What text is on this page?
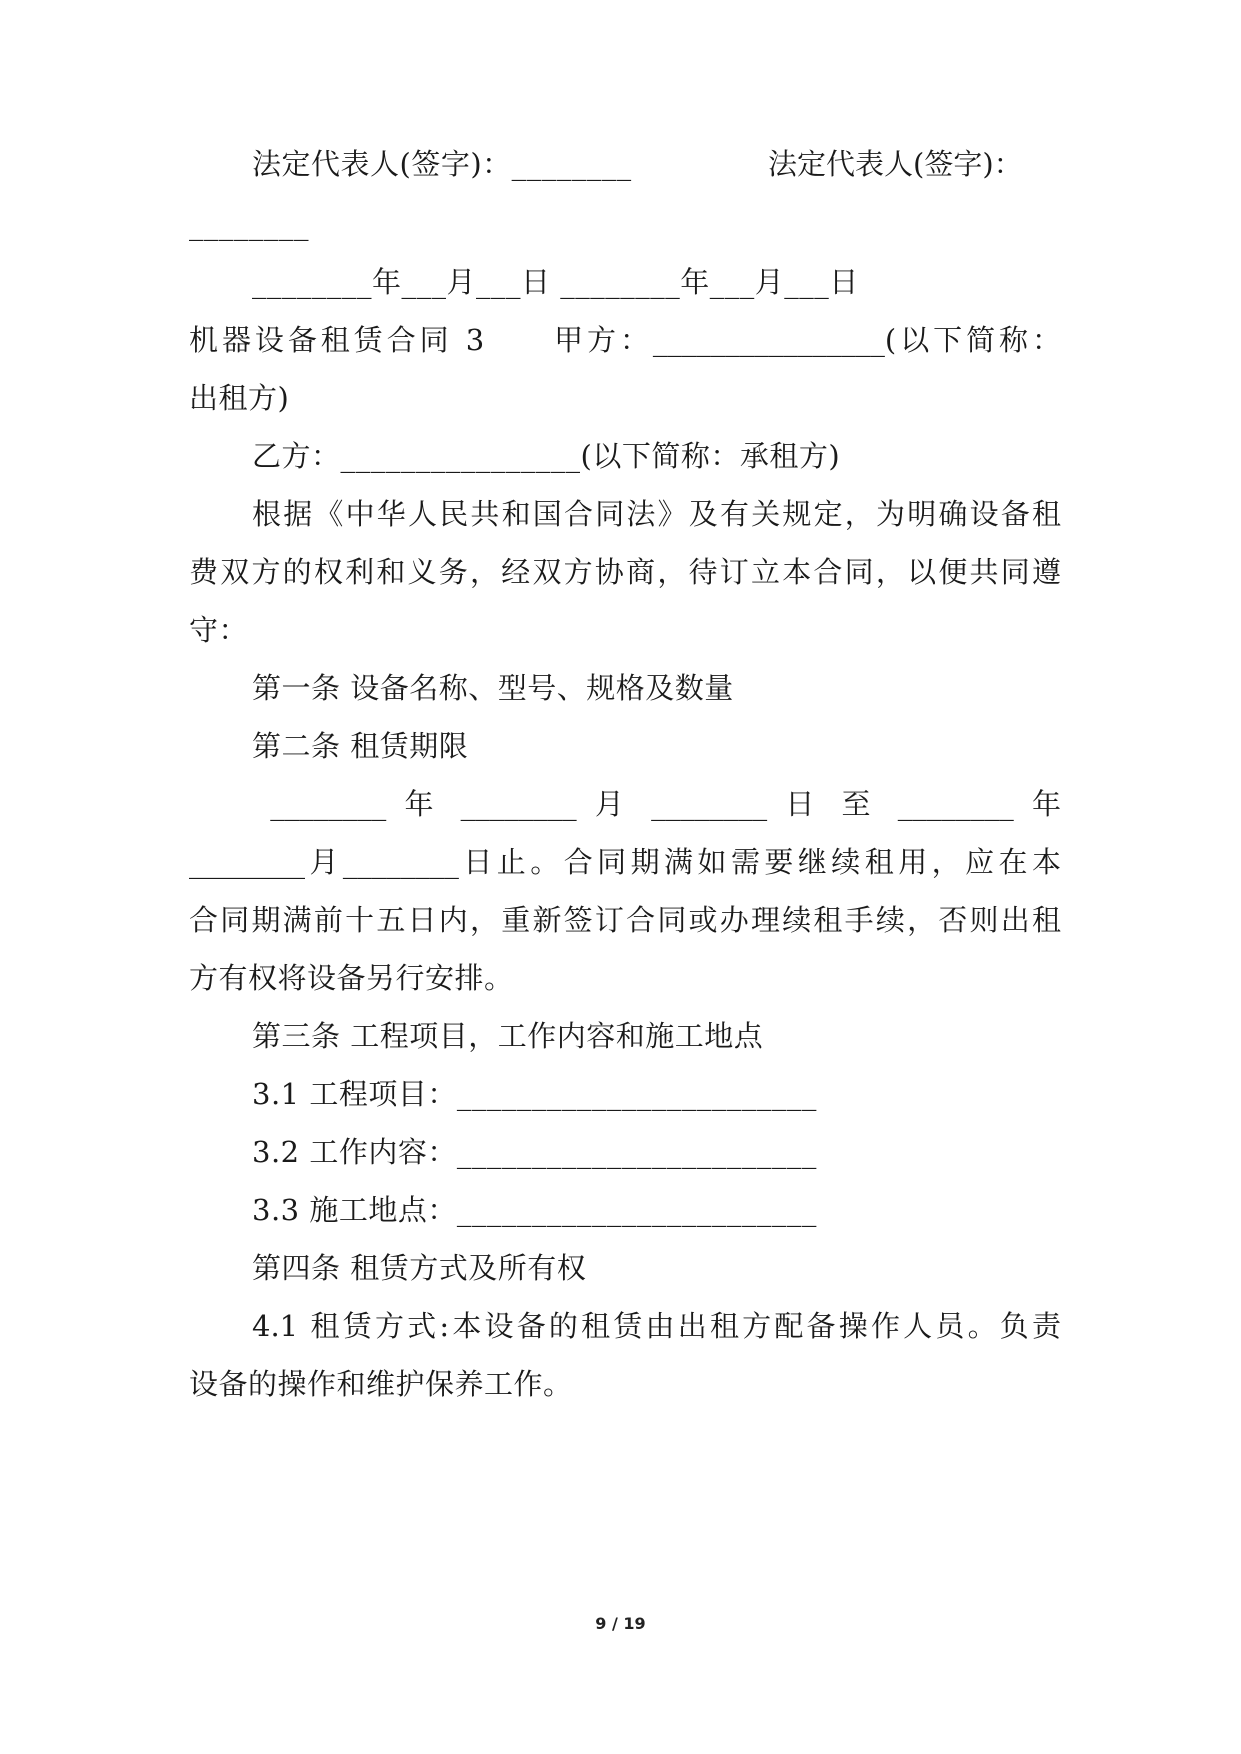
法定代表人(签字)：________	法定代表人(签字)：
________
________年___月___日 ________年___月___日
机器设备租赁合同 3　　甲方：________________(以下简称：
出租方)
乙方：________________(以下简称：承租方)
根据《中华人民共和国合同法》及有关规定，为明确设备租
费双方的权利和义务，经双方协商，待订立本合同，以便共同遵
守：
第一条 设备名称、型号、规格及数量
第二条 租赁期限
________ 年 ________ 月 ________ 日 至 ________ 年
________月________日止。合同期满如需要继续租用，应在本
合同期满前十五日内，重新签订合同或办理续租手续，否则出租
方有权将设备另行安排。
第三条 工程项目，工作内容和施工地点
3.1 工程项目：________________________
3.2 工作内容：________________________
3.3 施工地点：________________________
第四条 租赁方式及所有权
4.1 租赁方式:本设备的租赁由出租方配备操作人员。负责
设备的操作和维护保养工作。
9 / 19
